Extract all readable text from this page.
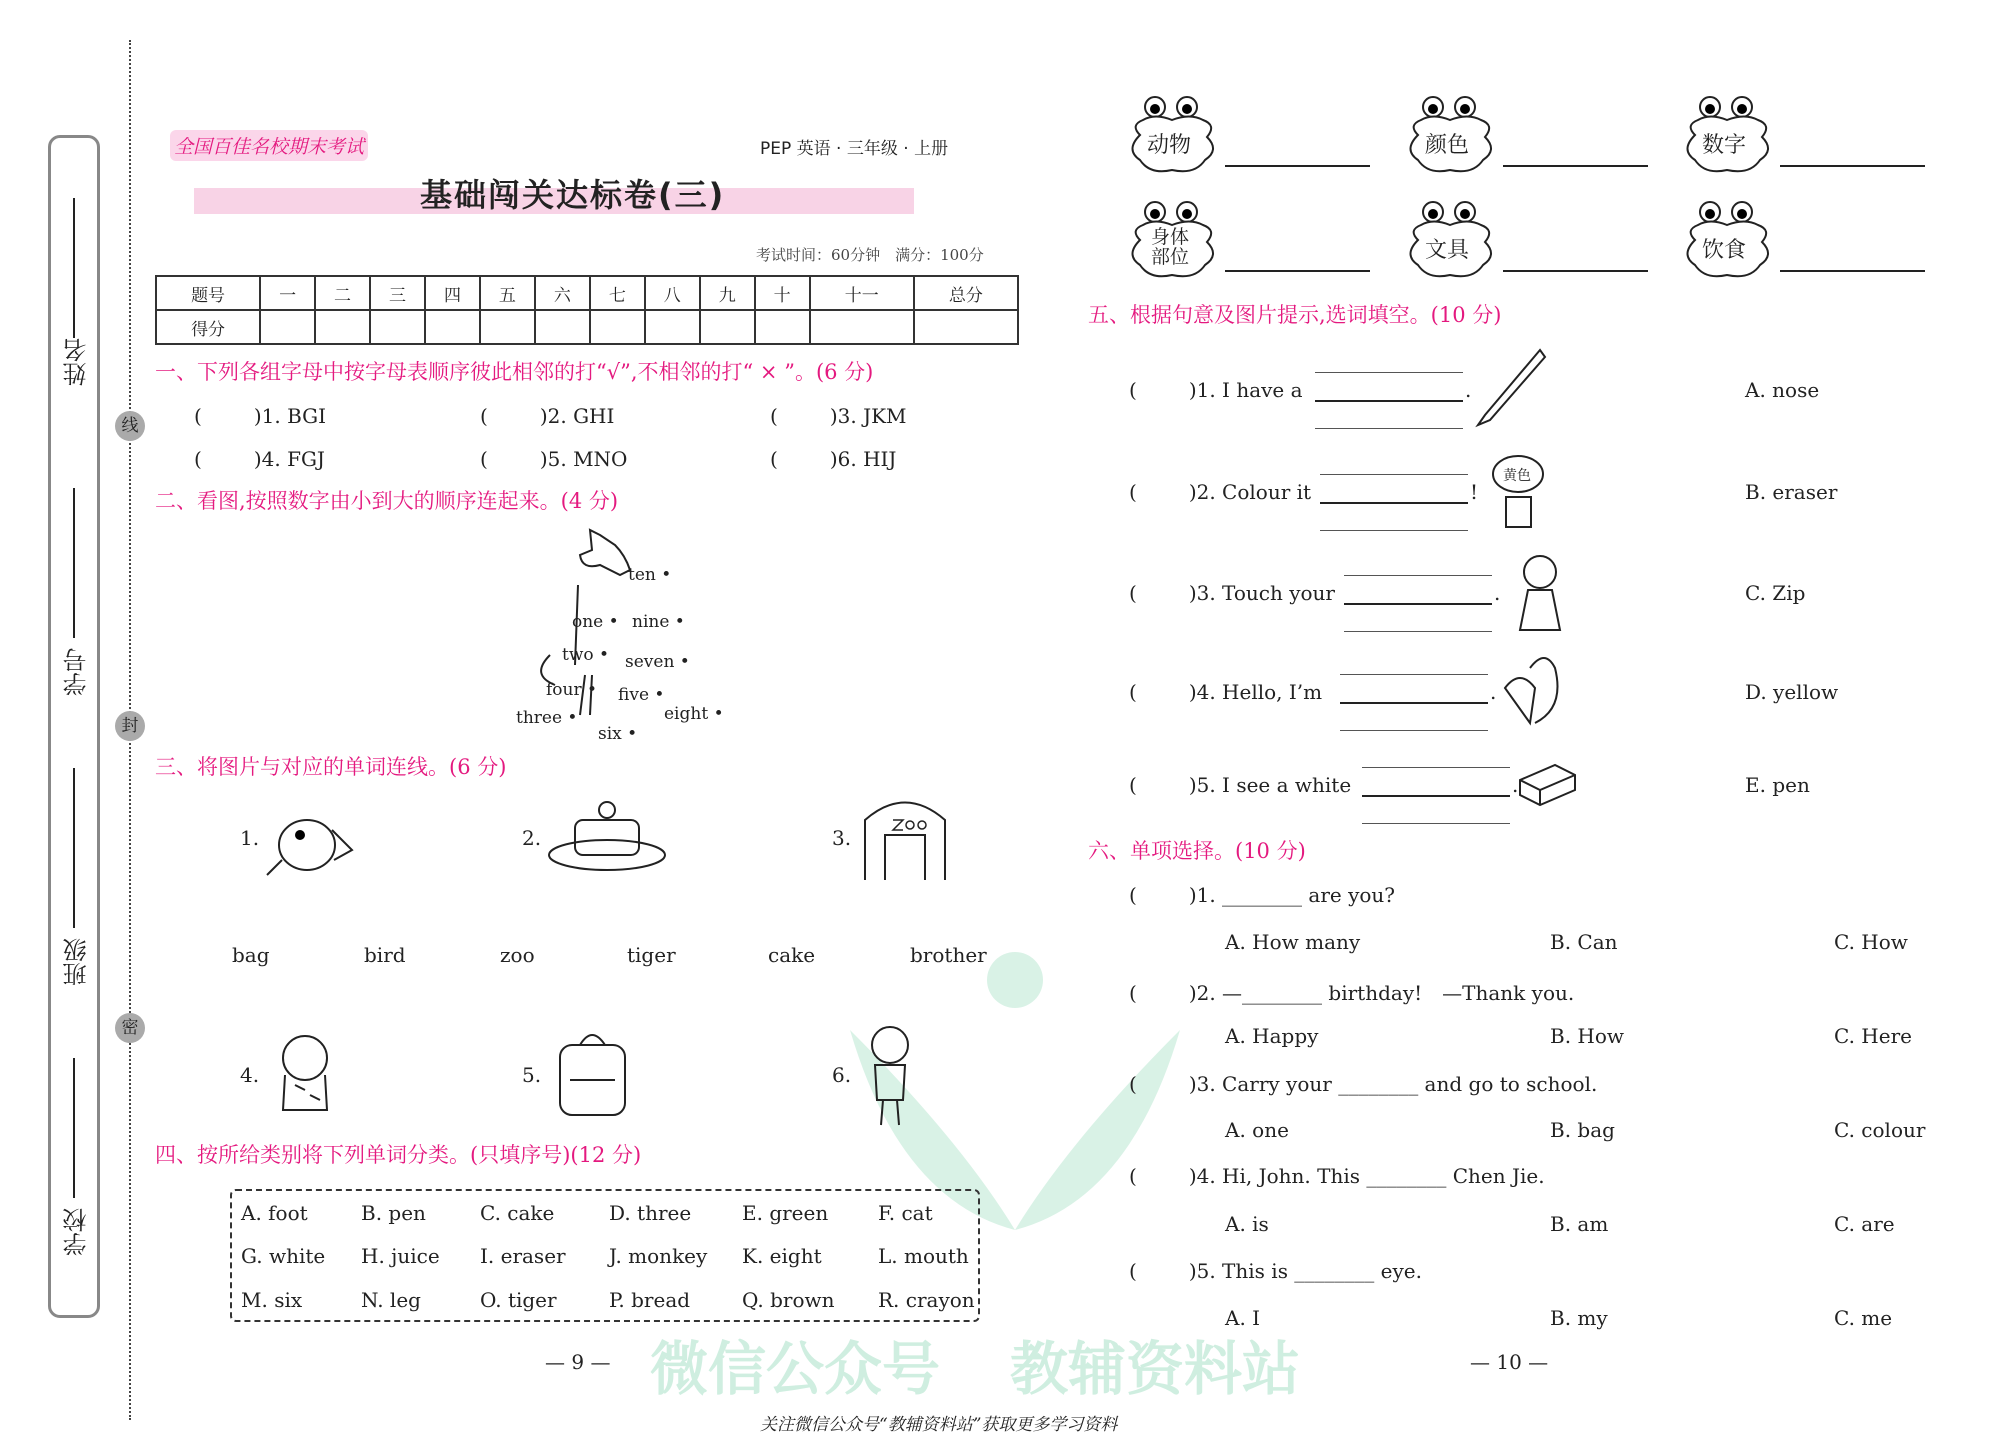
姓名
学号
班级
学校
线
封
密
微信公众号 教辅资料站
全国百佳名校期末考试	PEP 英语 · 三年级 · 上册
基础闯关达标卷(三)
考试时间：60分钟　满分：100分
题号	一	二	三	四	五	六	七	八	九	十	十一	总分
得分												
一、下列各组字母中按字母表顺序彼此相邻的打“√”,不相邻的打“ × ”。(6 分)
二、看图,按照数字由小到大的顺序连起来。(4 分)
三、将图片与对应的单词连线。(6 分)
四、按所给类别将下列单词分类。(只填序号)(12 分)
— 9 —
五、根据句意及图片提示,选词填空。(10 分)
黄色
六、单项选择。(10 分)
— 10 —
关注微信公众号“教辅资料站”获取更多学习资料
(	)1. BGI	(	)2. GHI	(	)3. JKM
(	)4. FGJ	(	)5. MNO	(	)6. HIJ
ten •
one • nine •
two • seven •
four • five •
three •
six •
eight •
1.	2.	3.
4.	5.	6.
bag	bird	zoo	tiger	cake	brother
A. foot	B. pen	C. cake	D. three	E. green F. cat
G. white H. juice I. eraser J. monkey K. eight	L. mouth
M. six	N. leg	O. tiger	P. bread	Q. brown R. crayon
动物	颜色	数字
身体部位	文具	饮食
(	)1. I have a	.	A. nose
(	)2. Colour it	!	B. eraser
(	)3. Touch your	.	C. Zip
(	)4. Hello, I’m	.	D. yellow
(	)5. I see a white	.	E. pen
(	)1. ________ are you?
A. How many	B. Can	C. How
(	)2. —________ birthday!　—Thank you.
A. Happy	B. How	C. Here
(	)3. Carry your ________ and go to school.
A. one	B. bag	C. colour
(	)4. Hi, John. This ________ Chen Jie.
A. is	B. am	C. are
(	)5. This is ________ eye.
A. I	B. my	C. me
